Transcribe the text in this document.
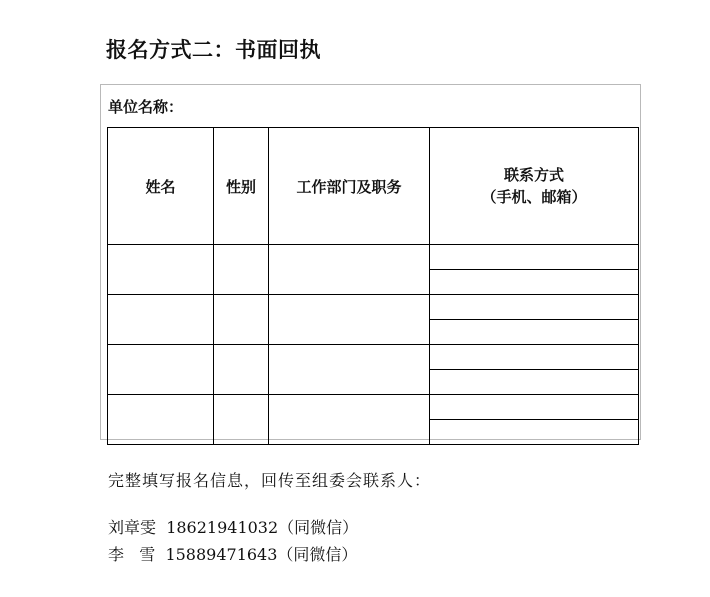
报名方式二：书面回执
单位名称：
姓名	性别	工作部门及职务	联系方式
（手机、邮箱）

完整填写报名信息，回传至组委会联系人：
刘章雯 18621941032（同微信）
李   雪 15889471643（同微信）
